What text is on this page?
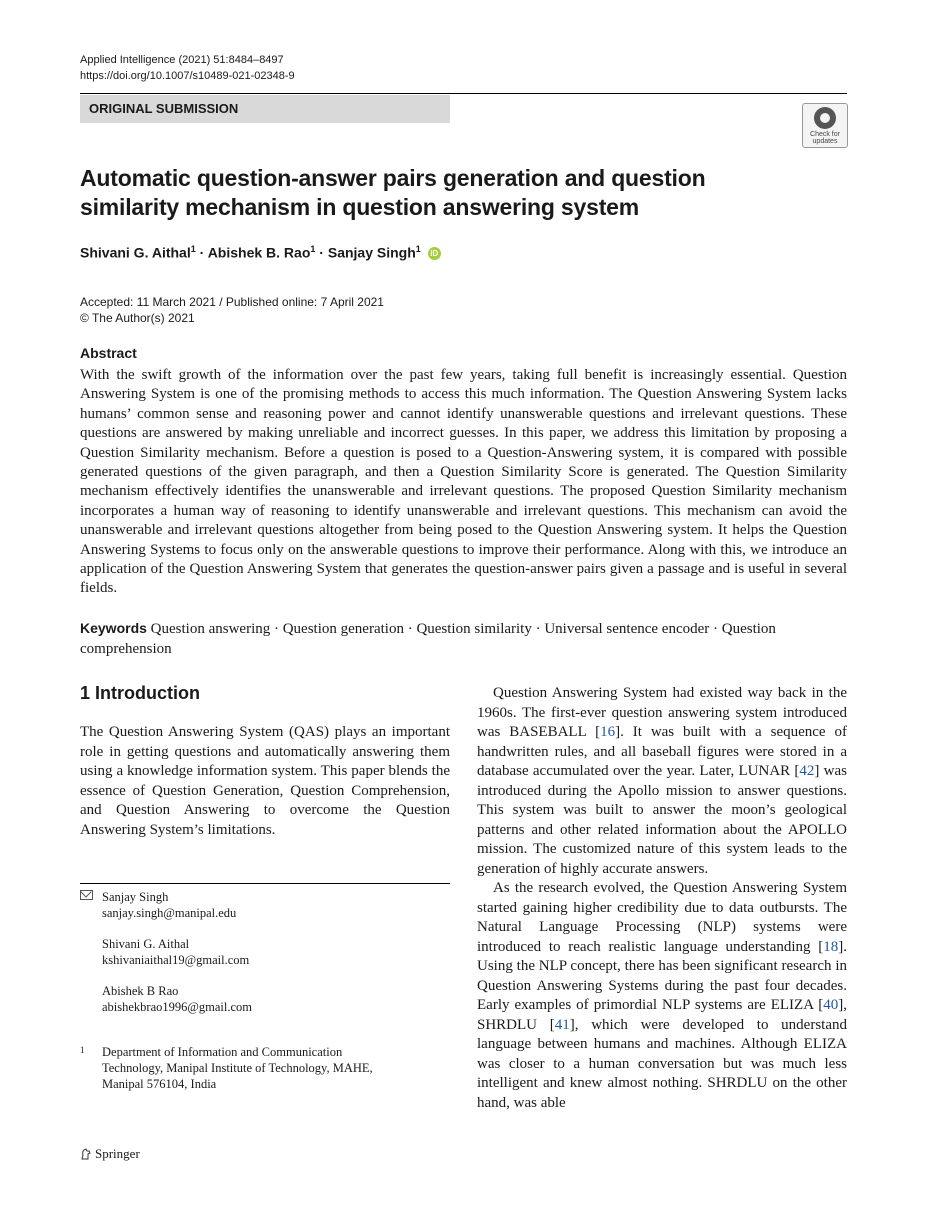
Applied Intelligence (2021) 51:8484–8497
https://doi.org/10.1007/s10489-021-02348-9
ORIGINAL SUBMISSION
Check for
updates
Automatic question-answer pairs generation and question similarity mechanism in question answering system
Shivani G. Aithal$^1$ · Abishek B. Rao$^1$ · Sanjay Singh$^1$ iD
Accepted: 11 March 2021 / Published online: 7 April 2021
© The Author(s) 2021
Abstract
With the swift growth of the information over the past few years, taking full benefit is increasingly essential. Question Answering System is one of the promising methods to access this much information. The Question Answering System lacks humans’ common sense and reasoning power and cannot identify unanswerable questions and irrelevant questions. These questions are answered by making unreliable and incorrect guesses. In this paper, we address this limitation by proposing a Question Similarity mechanism. Before a question is posed to a Question-Answering system, it is compared with possible generated questions of the given paragraph, and then a Question Similarity Score is generated. The Question Similarity mechanism effectively identifies the unanswerable and irrelevant questions. The proposed Question Similarity mechanism incorporates a human way of reasoning to identify unanswerable and irrelevant questions. This mechanism can avoid the unanswerable and irrelevant questions altogether from being posed to the Question Answering system. It helps the Question Answering Systems to focus only on the answerable questions to improve their performance. Along with this, we introduce an application of the Question Answering System that generates the question-answer pairs given a passage and is useful in several fields.
Keywords Question answering · Question generation · Question similarity · Universal sentence encoder · Question comprehension
1 Introduction
The Question Answering System (QAS) plays an important role in getting questions and automatically answering them using a knowledge information system. This paper blends the essence of Question Generation, Question Comprehension, and Question Answering to overcome the Question Answering System’s limitations.

Question Answering System had existed way back in the 1960s. The first-ever question answering system introduced was BASEBALL [16]. It was built with a sequence of handwritten rules, and all baseball figures were stored in a database accumulated over the year. Later, LUNAR [42] was introduced during the Apollo mission to answer questions. This system was built to answer the moon’s geological patterns and other related information about the APOLLO mission. The customized nature of this system leads to the generation of highly accurate answers.

As the research evolved, the Question Answering System started gaining higher credibility due to data outbursts. The Natural Language Processing (NLP) systems were introduced to reach realistic language understanding [18]. Using the NLP concept, there has been significant research in Question Answering Systems during the past four decades. Early examples of primordial NLP systems are ELIZA [40], SHRDLU [41], which were developed to understand language between humans and machines. Although ELIZA was closer to a human conversation but was much less intelligent and knew almost nothing. SHRDLU on the other hand, was able

Sanjay Singh
sanjay.singh@manipal.edu
Shivani G. Aithal
kshivaniaithal19@gmail.com
Abishek B Rao
abishekbrao1996@gmail.com
1 Department of Information and Communication Technology, Manipal Institute of Technology, MAHE, Manipal 576104, India
Springer
